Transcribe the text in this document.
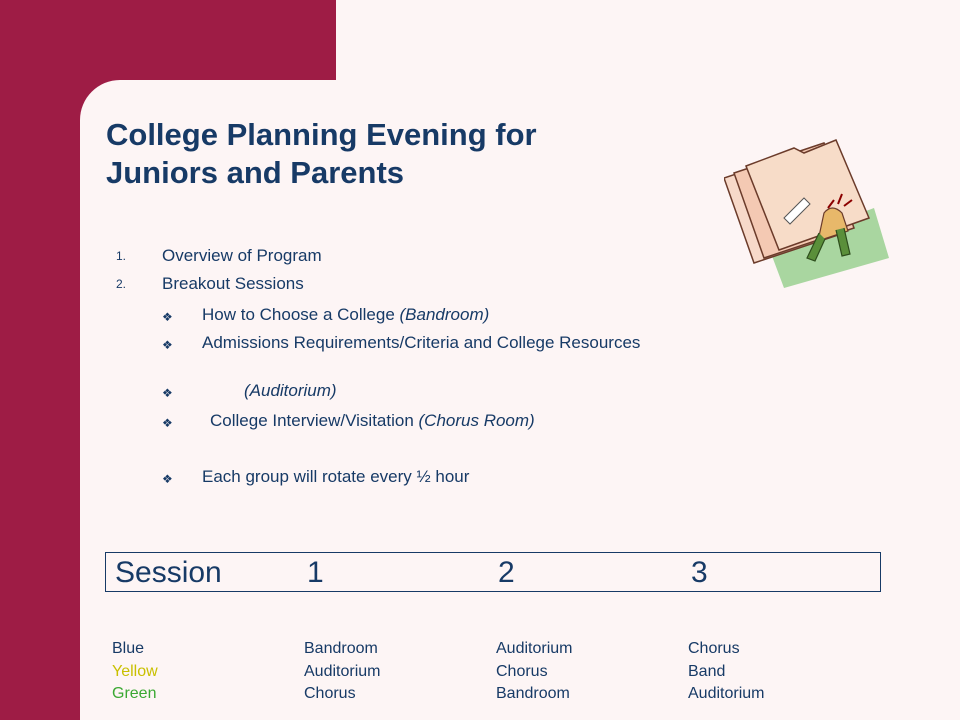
College Planning Evening for
Juniors and Parents
1. Overview of Program
2. Breakout Sessions
❖ How to Choose a College (Bandroom)
❖ Admissions Requirements/Criteria and College Resources
❖	(Auditorium)
❖ College Interview/Visitation (Chorus Room)
❖ Each group will rotate every ½ hour
Session	1	2	3
Blue	Bandroom	Auditorium	Chorus
Yellow	Auditorium	Chorus	Band
Green	Chorus	Bandroom	Auditorium
